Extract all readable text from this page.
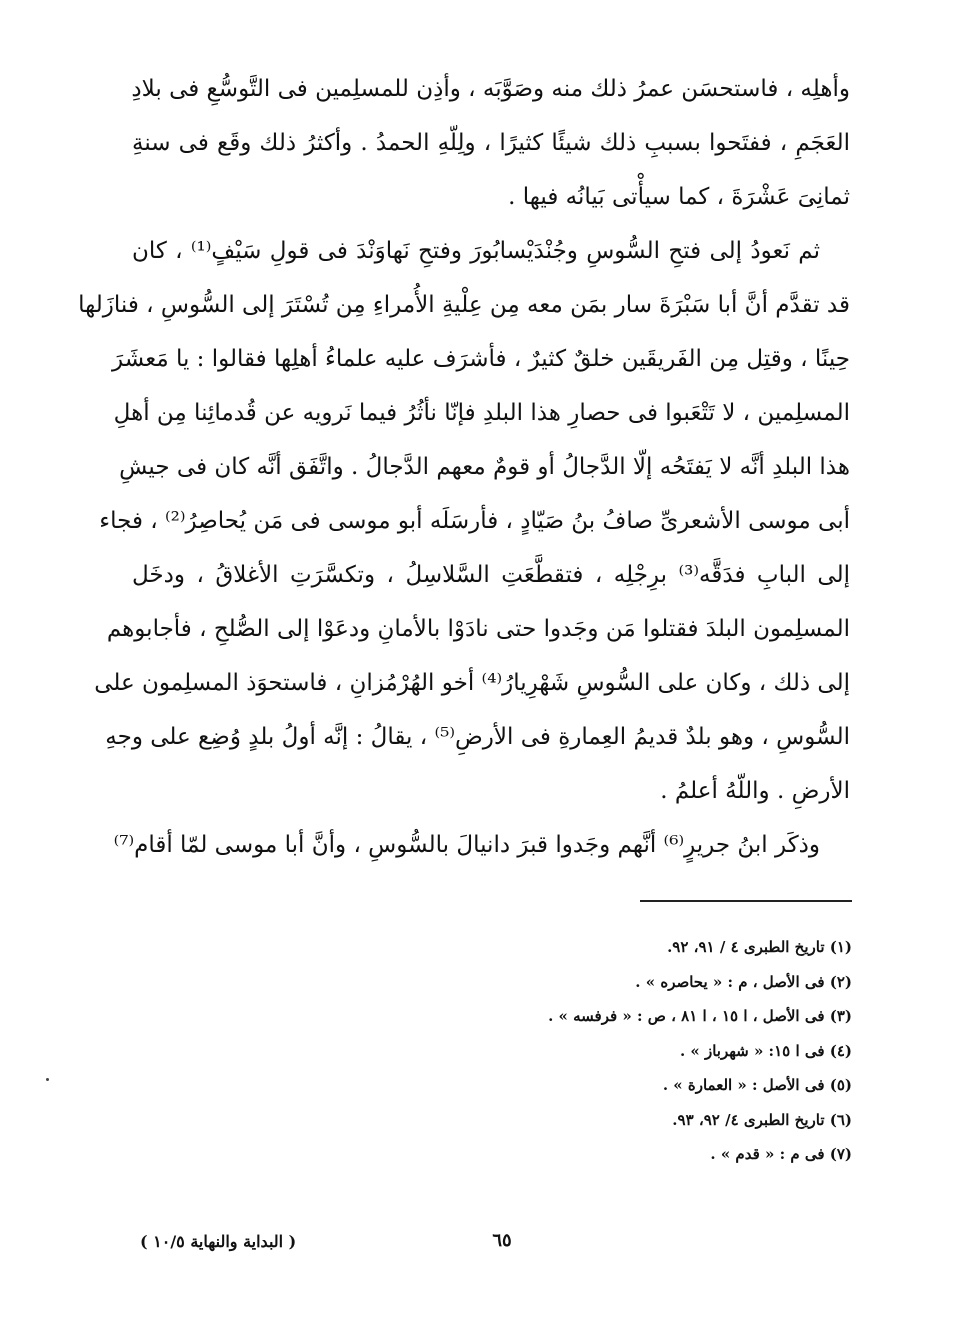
وأهلِه ، فاستحسَن عمرُ ذلك منه وصَوَّبَه ، وأذِن للمسلِمين فى التَّوسُّعِ فى بلادِ
العَجَمِ ، ففتَحوا بسببِ ذلك شيئًا كثيرًا ، ولِلّهِ الحمدُ . وأكثرُ ذلك وقَع فى سنةِ
ثمانِىَ عَشْرَةَ ، كما سيأْتى بَيانُه فيها .
ثم نَعودُ إلى فتحِ السُّوسِ وجُنْدَيْسابُورَ وفتحِ نَهاوَنْدَ فى قولِ سَيْفٍ⁽¹⁾ ، كان
قد تقدَّم أنَّ أبا سَبْرَةَ سار بمَن معه مِن عِلْيةِ الأُمراءِ مِن تُسْتَرَ إلى السُّوسِ ، فنازَلها
حِينًا ، وقتِل مِن الفَريقَين خلقٌ كثيرٌ ، فأشرَف عليه علماءُ أهلِها فقالوا : يا مَعشَرَ
المسلِمين ، لا تَتْعَبوا فى حصارِ هذا البلدِ فإنّا نأثُرُ فيما نَرويه عن قُدمائِنا مِن أهلِ
هذا البلدِ أنَّه لا يَفتَحُه إلّا الدَّجالُ أو قومٌ معهم الدَّجالُ . واتَّفَق أنَّه كان فى جيشِ
أبى موسى الأشعرىِّ صافُ بنُ صَيّادٍ ، فأرسَلَه أبو موسى فى مَن يُحاصِرُ⁽²⁾ ، فجاء
إلى البابِ فدَقَّه⁽³⁾ برِجْلِه ، فتقطَّعَتِ السَّلاسِلُ ، وتكسَّرَتِ الأغلاقُ ، ودخَل
المسلِمون البلدَ فقتلوا مَن وجَدوا حتى نادَوْا بالأمانِ ودعَوْا إلى الصُّلحِ ، فأجابوهم
إلى ذلك ، وكان على السُّوسِ شَهْرِيارُ⁽⁴⁾ أخو الهُرْمُزانِ ، فاستحوَذ المسلِمون على
السُّوسِ ، وهو بلدٌ قديمُ العِمارةِ فى الأرضِ⁽⁵⁾ ، يقالُ : إنَّه أولُ بلدٍ وُضِع على وجهِ
الأرضِ . واللّهُ أعلمُ .
وذكَر ابنُ جريرٍ⁽⁶⁾ أنَّهم وجَدوا قبرَ دانيالَ بالسُّوسِ ، وأنَّ أبا موسى لمّا أقام⁽⁷⁾
(١) تاريخ الطبرى ٤ / ٩١، ٩٢.
(٢) فى الأصل ، م : « يحاصره » .
(٣) فى الأصل ، ا ١٥ ، ا ٨١ ، ص : « فرفسه » .
(٤) فى ا ١٥: « شهرباز » .
(٥) فى الأصل : « العمارة » .
(٦) تاريخ الطبرى ٤/ ٩٢، ٩٣.
(٧) فى م : « قدم » .
٦٥
( البداية والنهاية ١٠/٥ )
